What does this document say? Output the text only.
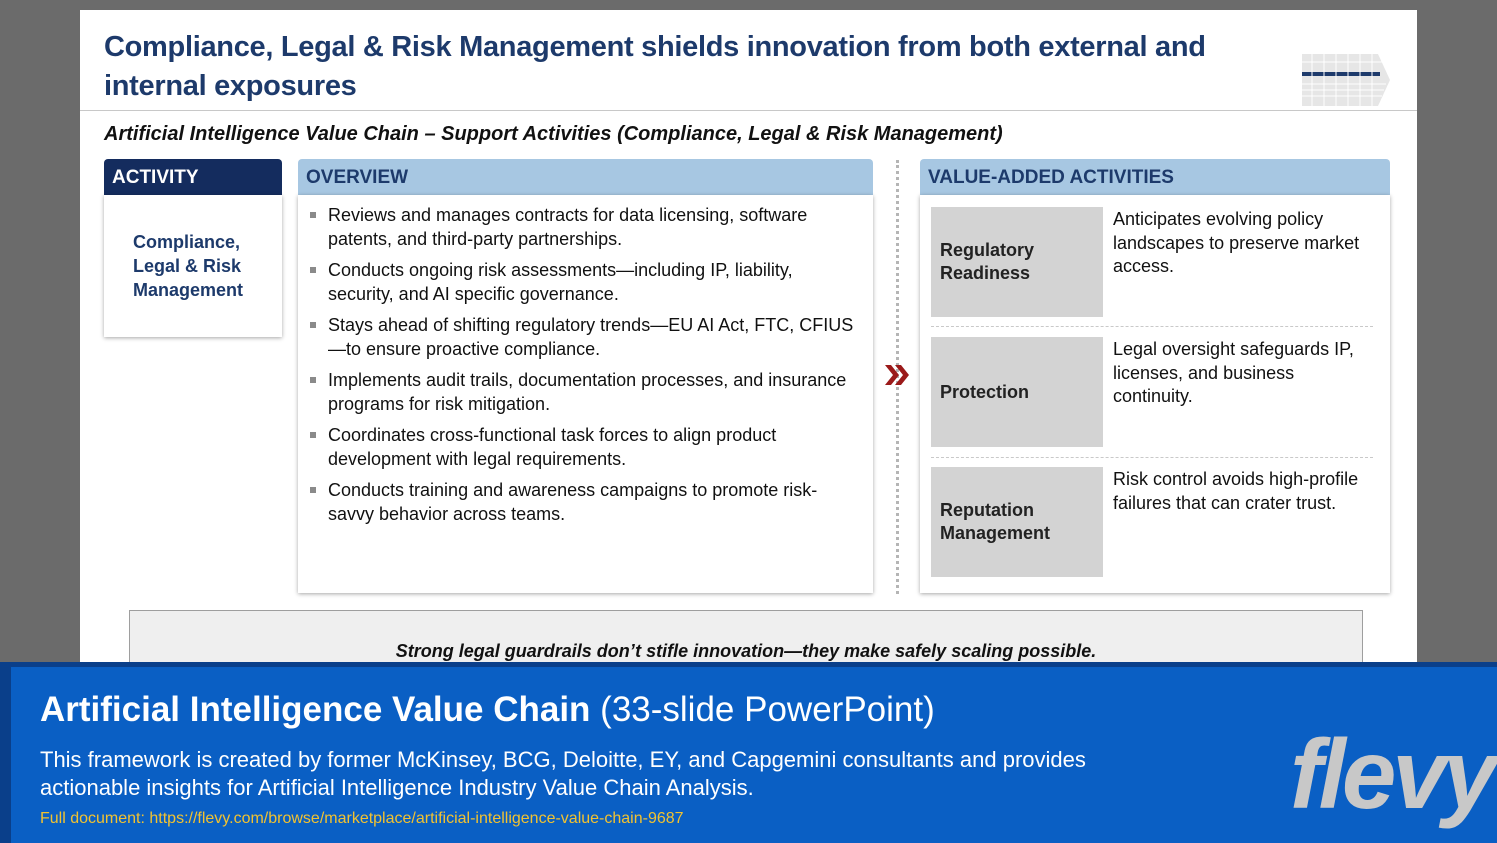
Compliance, Legal & Risk Management shields innovation from both external and internal exposures
Artificial Intelligence Value Chain – Support Activities (Compliance, Legal & Risk Management)
ACTIVITY
Compliance, Legal & Risk Management
OVERVIEW
Reviews and manages contracts for data licensing, software patents, and third-party partnerships.
Conducts ongoing risk assessments—including IP, liability, security, and AI specific governance.
Stays ahead of shifting regulatory trends—EU AI Act, FTC, CFIUS—to ensure proactive compliance.
Implements audit trails, documentation processes, and insurance programs for risk mitigation.
Coordinates cross-functional task forces to align product development with legal requirements.
Conducts training and awareness campaigns to promote risk-savvy behavior across teams.
VALUE-ADDED ACTIVITIES
Regulatory Readiness
Anticipates evolving policy landscapes to preserve market access.
Protection
Legal oversight safeguards IP, licenses, and business continuity.
Reputation Management
Risk control avoids high-profile failures that can crater trust.
Strong legal guardrails don’t stifle innovation—they make safely scaling possible.
Artificial Intelligence Value Chain (33-slide PowerPoint)
This framework is created by former McKinsey, BCG, Deloitte, EY, and Capgemini consultants and provides actionable insights for Artificial Intelligence Industry Value Chain Analysis.
Full document: https://flevy.com/browse/marketplace/artificial-intelligence-value-chain-9687	flevy
